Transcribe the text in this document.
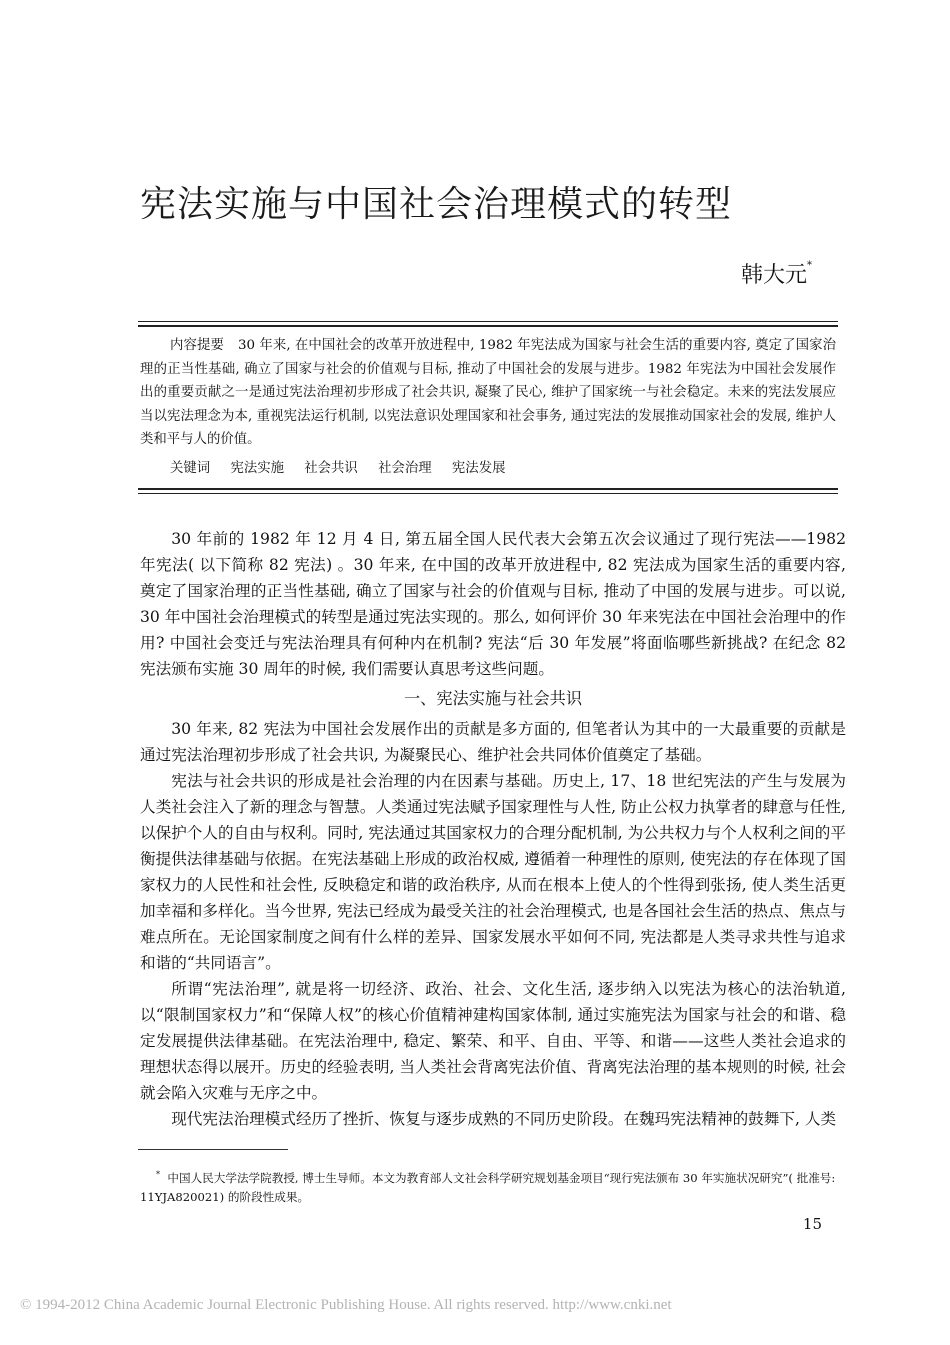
宪法实施与中国社会治理模式的转型
韩大元*
内容提要 30 年来, 在中国社会的改革开放进程中, 1982 年宪法成为国家与社会生活的重要内容, 奠定了国家治理的正当性基础, 确立了国家与社会的价值观与目标, 推动了中国社会的发展与进步。1982 年宪法为中国社会发展作出的重要贡献之一是通过宪法治理初步形成了社会共识, 凝聚了民心, 维护了国家统一与社会稳定。未来的宪法发展应当以宪法理念为本, 重视宪法运行机制, 以宪法意识处理国家和社会事务, 通过宪法的发展推动国家社会的发展, 维护人类和平与人的价值。
关键词 宪法实施 社会共识 社会治理 宪法发展

30 年前的 1982 年 12 月 4 日, 第五届全国人民代表大会第五次会议通过了现行宪法——1982 年宪法( 以下简称 82 宪法) 。30 年来, 在中国的改革开放进程中, 82 宪法成为国家生活的重要内容, 奠定了国家治理的正当性基础, 确立了国家与社会的价值观与目标, 推动了中国的发展与进步。可以说, 30 年中国社会治理模式的转型是通过宪法实现的。那么, 如何评价 30 年来宪法在中国社会治理中的作用? 中国社会变迁与宪法治理具有何种内在机制? 宪法“后 30 年发展”将面临哪些新挑战? 在纪念 82 宪法颁布实施 30 周年的时候, 我们需要认真思考这些问题。

一、宪法实施与社会共识

30 年来, 82 宪法为中国社会发展作出的贡献是多方面的, 但笔者认为其中的一大最重要的贡献是通过宪法治理初步形成了社会共识, 为凝聚民心、维护社会共同体价值奠定了基础。

宪法与社会共识的形成是社会治理的内在因素与基础。历史上, 17、18 世纪宪法的产生与发展为人类社会注入了新的理念与智慧。人类通过宪法赋予国家理性与人性, 防止公权力执掌者的肆意与任性, 以保护个人的自由与权利。同时, 宪法通过其国家权力的合理分配机制, 为公共权力与个人权利之间的平衡提供法律基础与依据。在宪法基础上形成的政治权威, 遵循着一种理性的原则, 使宪法的存在体现了国家权力的人民性和社会性, 反映稳定和谐的政治秩序, 从而在根本上使人的个性得到张扬, 使人类生活更加幸福和多样化。当今世界, 宪法已经成为最受关注的社会治理模式, 也是各国社会生活的热点、焦点与难点所在。无论国家制度之间有什么样的差异、国家发展水平如何不同, 宪法都是人类寻求共性与追求和谐的“共同语言”。

所谓“宪法治理”, 就是将一切经济、政治、社会、文化生活, 逐步纳入以宪法为核心的法治轨道, 以“限制国家权力”和“保障人权”的核心价值精神建构国家体制, 通过实施宪法为国家与社会的和谐、稳定发展提供法律基础。在宪法治理中, 稳定、繁荣、和平、自由、平等、和谐——这些人类社会追求的理想状态得以展开。历史的经验表明, 当人类社会背离宪法价值、背离宪法治理的基本规则的时候, 社会就会陷入灾难与无序之中。

现代宪法治理模式经历了挫折、恢复与逐步成熟的不同历史阶段。在魏玛宪法精神的鼓舞下, 人类

* 中国人民大学法学院教授, 博士生导师。本文为教育部人文社会科学研究规划基金项目“现行宪法颁布 30 年实施状况研究”( 批准号: 11YJA820021) 的阶段性成果。
15
© 1994-2012 China Academic Journal Electronic Publishing House. All rights reserved. http://www.cnki.net
